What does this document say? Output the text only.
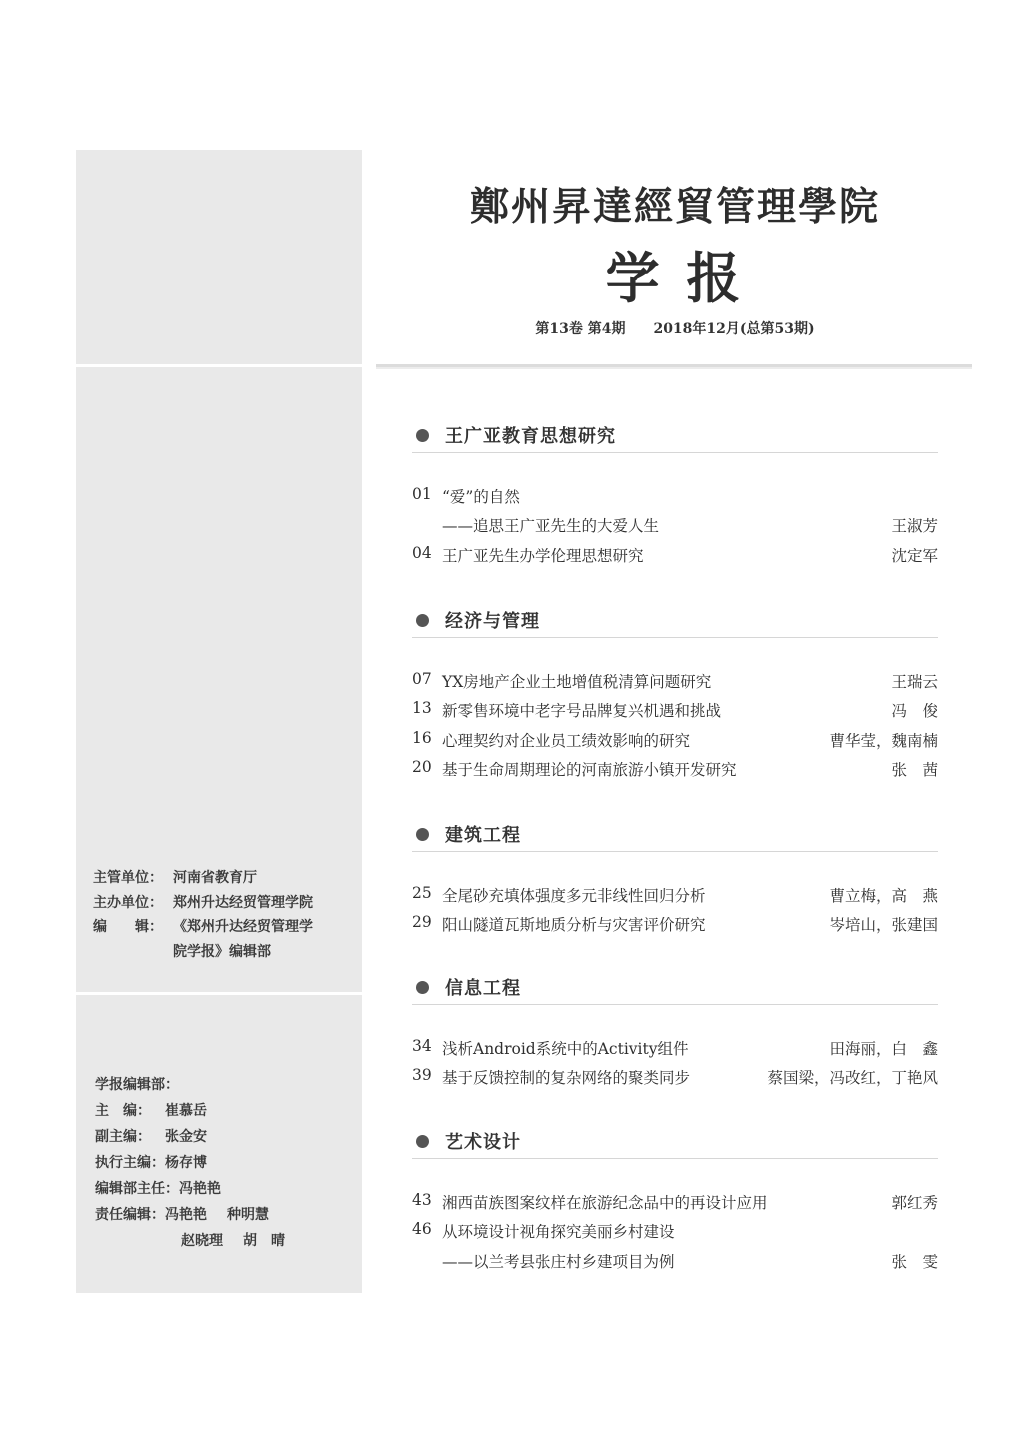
主管单位： 河南省教育厅
主办单位： 郑州升达经贸管理学院
编　　辑： 《郑州升达经贸管理学
院学报》编辑部
学报编辑部：
主　编：	崔慕岳
副主编：	张金安
执行主编： 杨存博
编辑部主任： 冯艳艳
责任编辑： 冯艳艳 种明慧
赵晓理 胡　晴
鄭州昇達經貿管理學院
学 报
第13卷 第4期 2018年12月(总第53期)
王广亚教育思想研究
01 “爱”的自然
——追思王广亚先生的大爱人生	王淑芳
04 王广亚先生办学伦理思想研究	沈定军
经济与管理
07 YX房地产企业土地增值税清算问题研究	王瑞云
13 新零售环境中老字号品牌复兴机遇和挑战	冯　俊
16 心理契约对企业员工绩效影响的研究	曹华莹，魏南楠
20 基于生命周期理论的河南旅游小镇开发研究	张　茜
建筑工程
25 全尾砂充填体强度多元非线性回归分析	曹立梅，高　燕
29 阳山隧道瓦斯地质分析与灾害评价研究	岑培山，张建国
信息工程
34 浅析Android系统中的Activity组件	田海丽，白　鑫
39 基于反馈控制的复杂网络的聚类同步	蔡国梁，冯改红，丁艳风
艺术设计
43 湘西苗族图案纹样在旅游纪念品中的再设计应用	郭红秀
46 从环境设计视角探究美丽乡村建设
——以兰考县张庄村乡建项目为例	张　雯
